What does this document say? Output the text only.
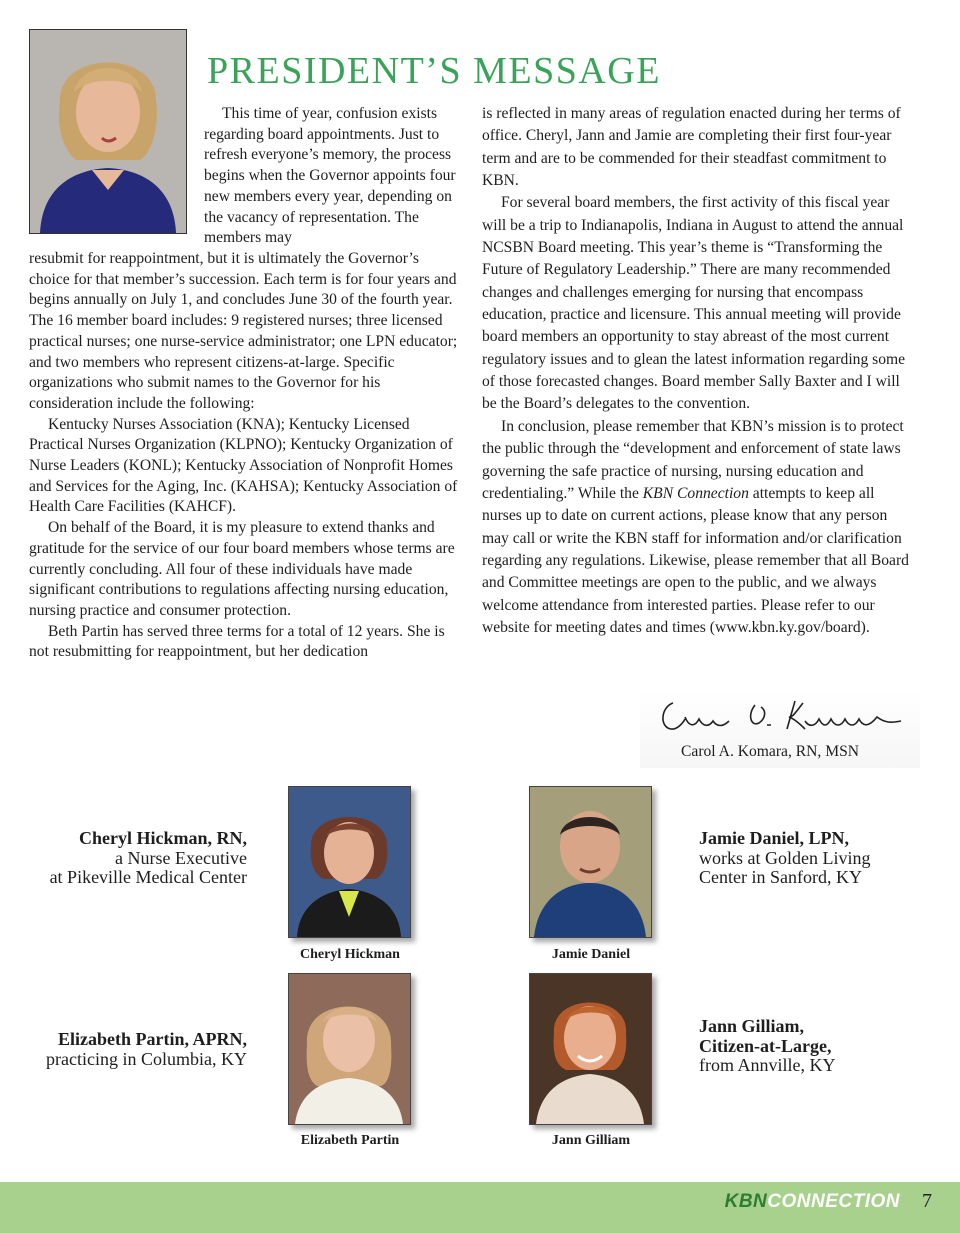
PRESIDENT’S MESSAGE

This time of year, confusion exists regarding board appointments. Just to refresh everyone’s memory, the process begins when the Governor appoints four new members every year, depending on the vacancy of representation. The members may

resubmit for reappointment, but it is ultimately the Governor’s choice for that member’s succession. Each term is for four years and begins annually on July 1, and concludes June 30 of the fourth year. The 16 member board includes: 9 registered nurses; three licensed practical nurses; one nurse-service administrator; one LPN educator; and two members who represent citizens-at-large. Specific organizations who submit names to the Governor for his consideration include the following:

Kentucky Nurses Association (KNA); Kentucky Licensed Practical Nurses Organization (KLPNO); Kentucky Organization of Nurse Leaders (KONL); Kentucky Association of Nonprofit Homes and Services for the Aging, Inc. (KAHSA); Kentucky Association of Health Care Facilities (KAHCF).

On behalf of the Board, it is my pleasure to extend thanks and gratitude for the service of our four board members whose terms are currently concluding. All four of these individuals have made significant contributions to regulations affecting nursing education, nursing practice and consumer protection.

Beth Partin has served three terms for a total of 12 years. She is not resubmitting for reappointment, but her dedication

is reflected in many areas of regulation enacted during her terms of office. Cheryl, Jann and Jamie are completing their first four-year term and are to be commended for their steadfast commitment to KBN.

For several board members, the first activity of this fiscal year will be a trip to Indianapolis, Indiana in August to attend the annual NCSBN Board meeting. This year’s theme is “Transforming the Future of Regulatory Leadership.” There are many recommended changes and challenges emerging for nursing that encompass education, practice and licensure. This annual meeting will provide board members an opportunity to stay abreast of the most current regulatory issues and to glean the latest information regarding some of those forecasted changes. Board member Sally Baxter and I will be the Board’s delegates to the convention.

In conclusion, please remember that KBN’s mission is to protect the public through the “development and enforcement of state laws governing the safe practice of nursing, nursing education and credentialing.” While the KBN Connection attempts to keep all nurses up to date on current actions, please know that any person may call or write the KBN staff for information and/or clarification regarding any regulations. Likewise, please remember that all Board and Committee meetings are open to the public, and we always welcome attendance from interested parties. Please refer to our website for meeting dates and times (www.kbn.ky.gov/board).

Carol A. Komara, RN, MSN
Cheryl Hickman	Jamie Daniel
Elizabeth Partin	Jann Gilliam
Cheryl Hickman, RN,
a Nurse Executive
at Pikeville Medical Center
Jamie Daniel, LPN,
works at Golden Living
Center in Sanford, KY
Elizabeth Partin, APRN,
practicing in Columbia, KY
Jann Gilliam,
Citizen-at-Large,
from Annville, KY
KBNCONNECTION 7
